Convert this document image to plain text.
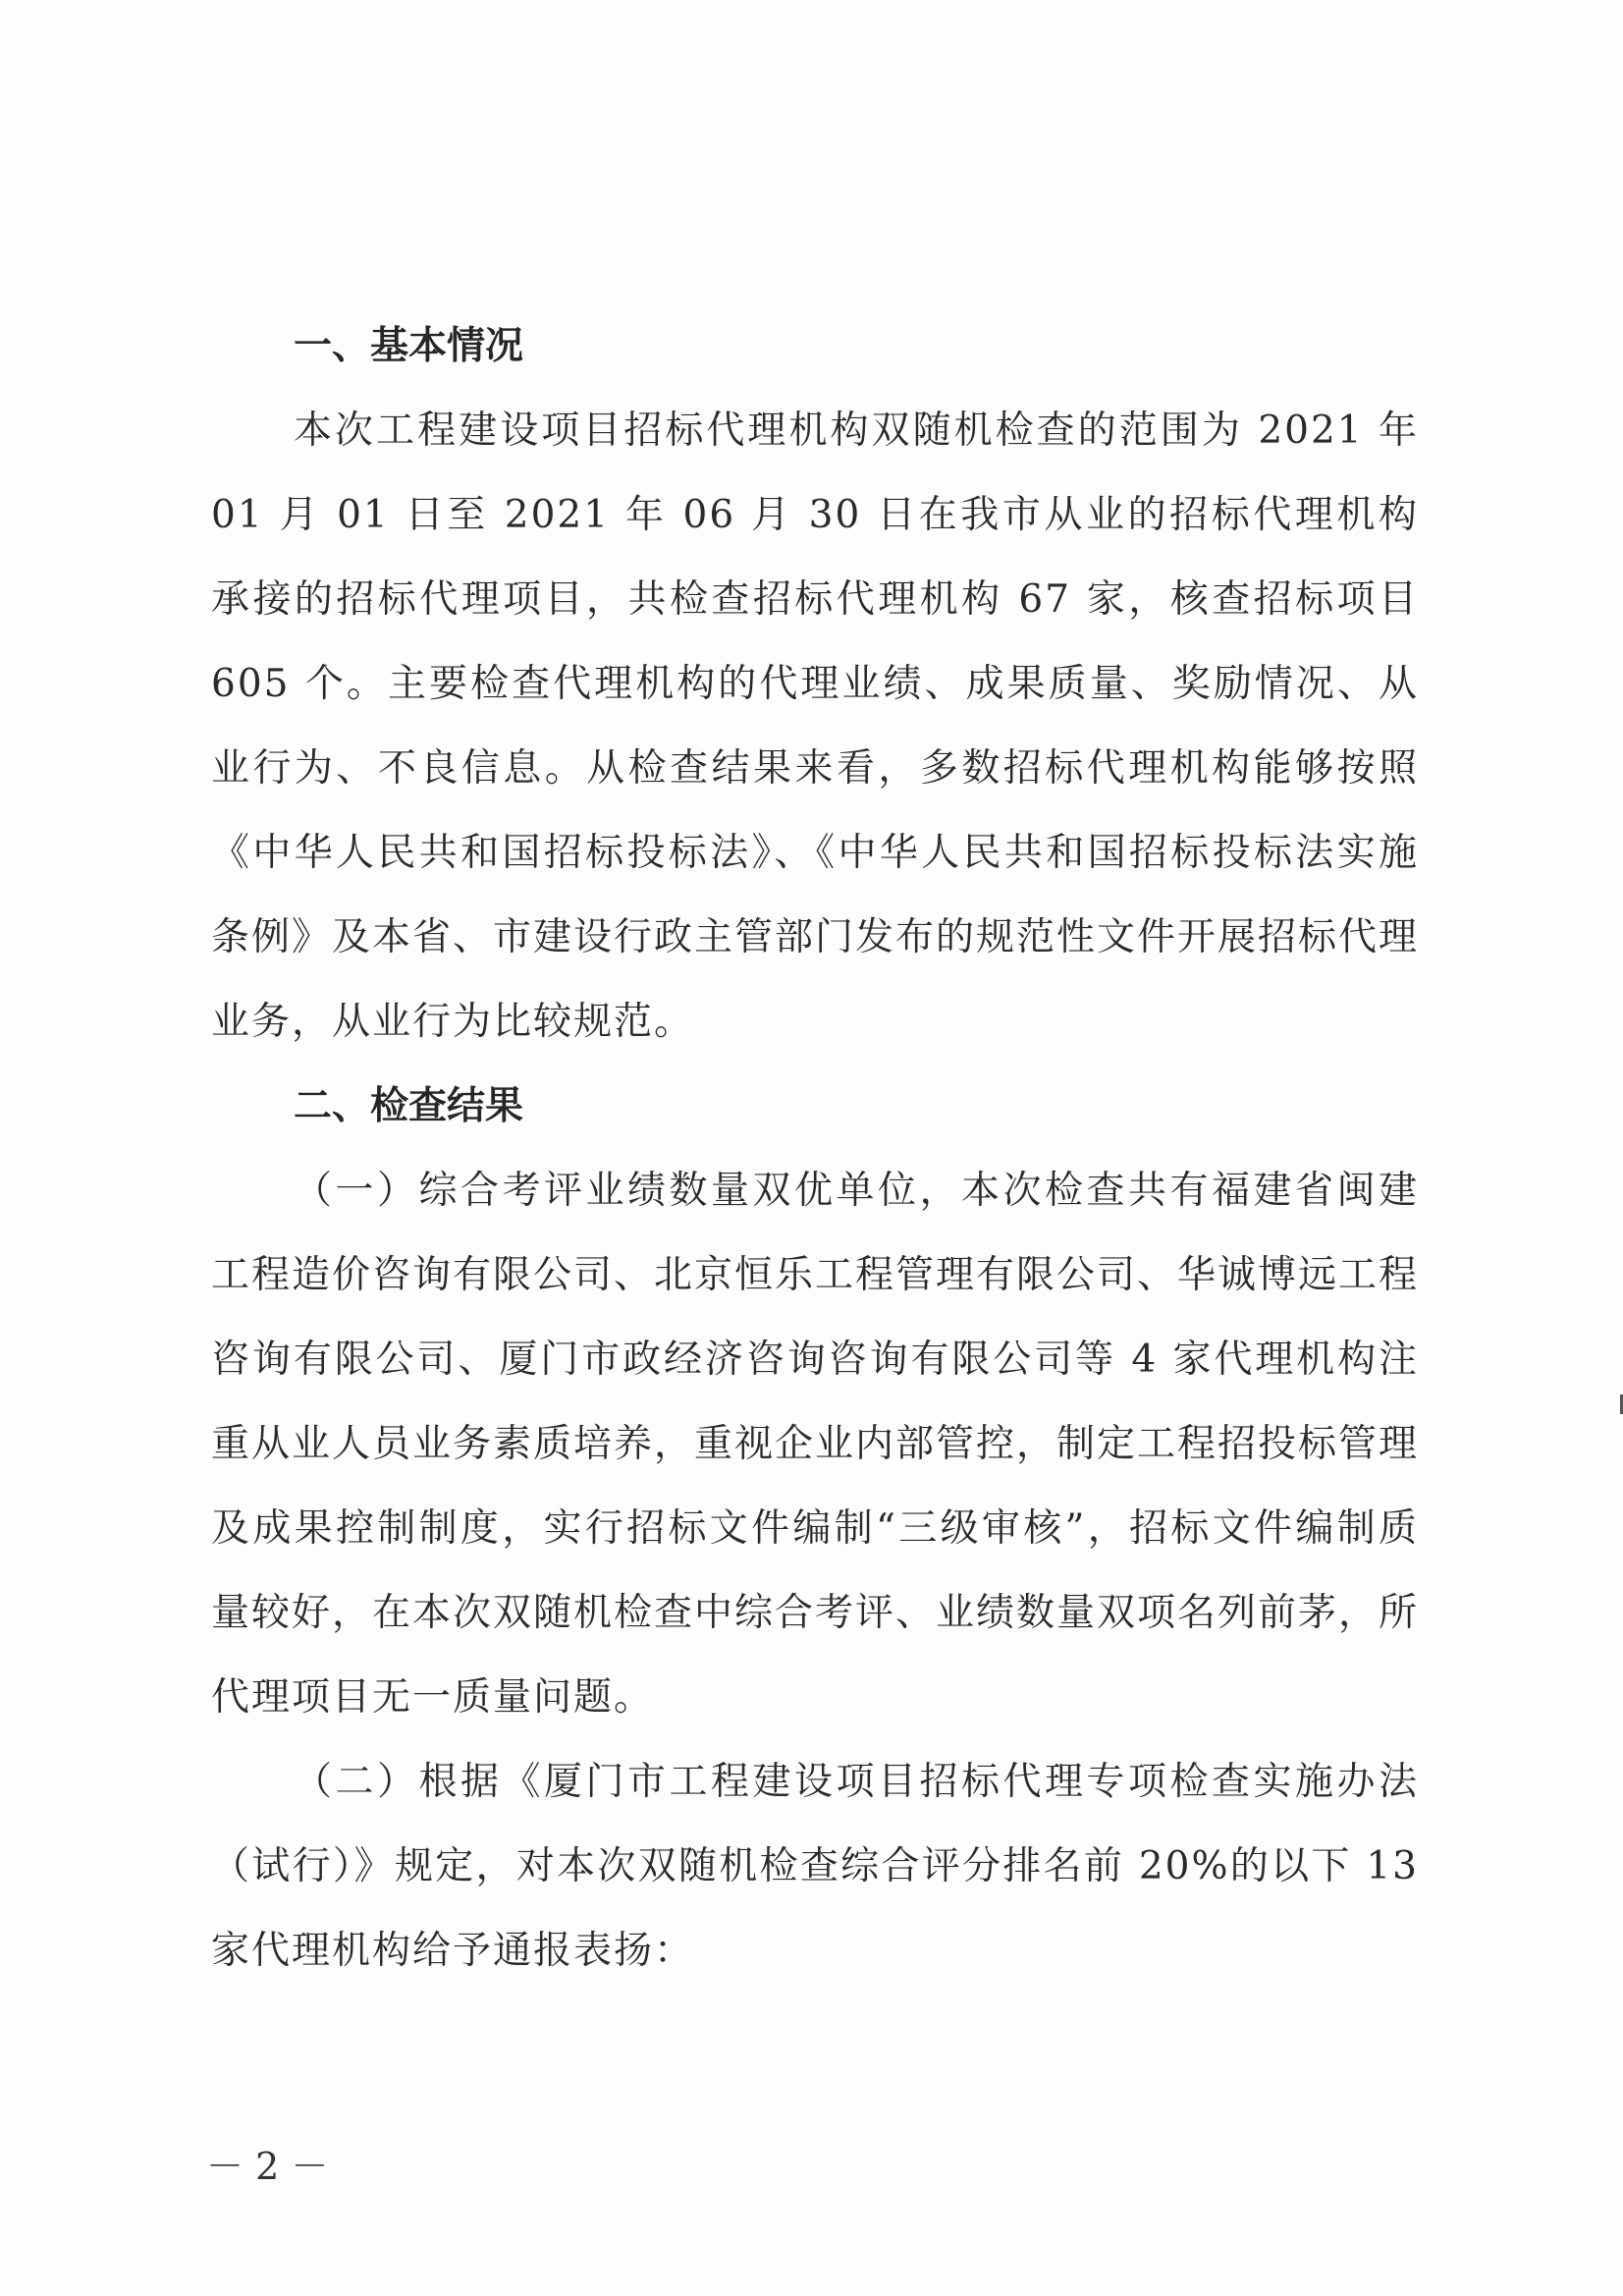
一、基本情况

本次工程建设项目招标代理机构双随机检查的范围为 2021 年 01 月 01 日至 2021 年 06 月 30 日在我市从业的招标代理机构承接的招标代理项目，共检查招标代理机构 67 家，核查招标项目 605 个。主要检查代理机构的代理业绩、成果质量、奖励情况、从业行为、不良信息。从检查结果来看，多数招标代理机构能够按照《中华人民共和国招标投标法》、《中华人民共和国招标投标法实施条例》及本省、市建设行政主管部门发布的规范性文件开展招标代理业务，从业行为比较规范。

二、检查结果

（一）综合考评业绩数量双优单位，本次检查共有福建省闽建工程造价咨询有限公司、北京恒乐工程管理有限公司、华诚博远工程咨询有限公司、厦门市政经济咨询咨询有限公司等 4 家代理机构注重从业人员业务素质培养，重视企业内部管控，制定工程招投标管理及成果控制制度，实行招标文件编制“三级审核”，招标文件编制质量较好，在本次双随机检查中综合考评、业绩数量双项名列前茅，所代理项目无一质量问题。

（二）根据《厦门市工程建设项目招标代理专项检查实施办法（试行）》规定，对本次双随机检查综合评分排名前 20%的以下 13 家代理机构给予通报表扬：

－ 2 －
